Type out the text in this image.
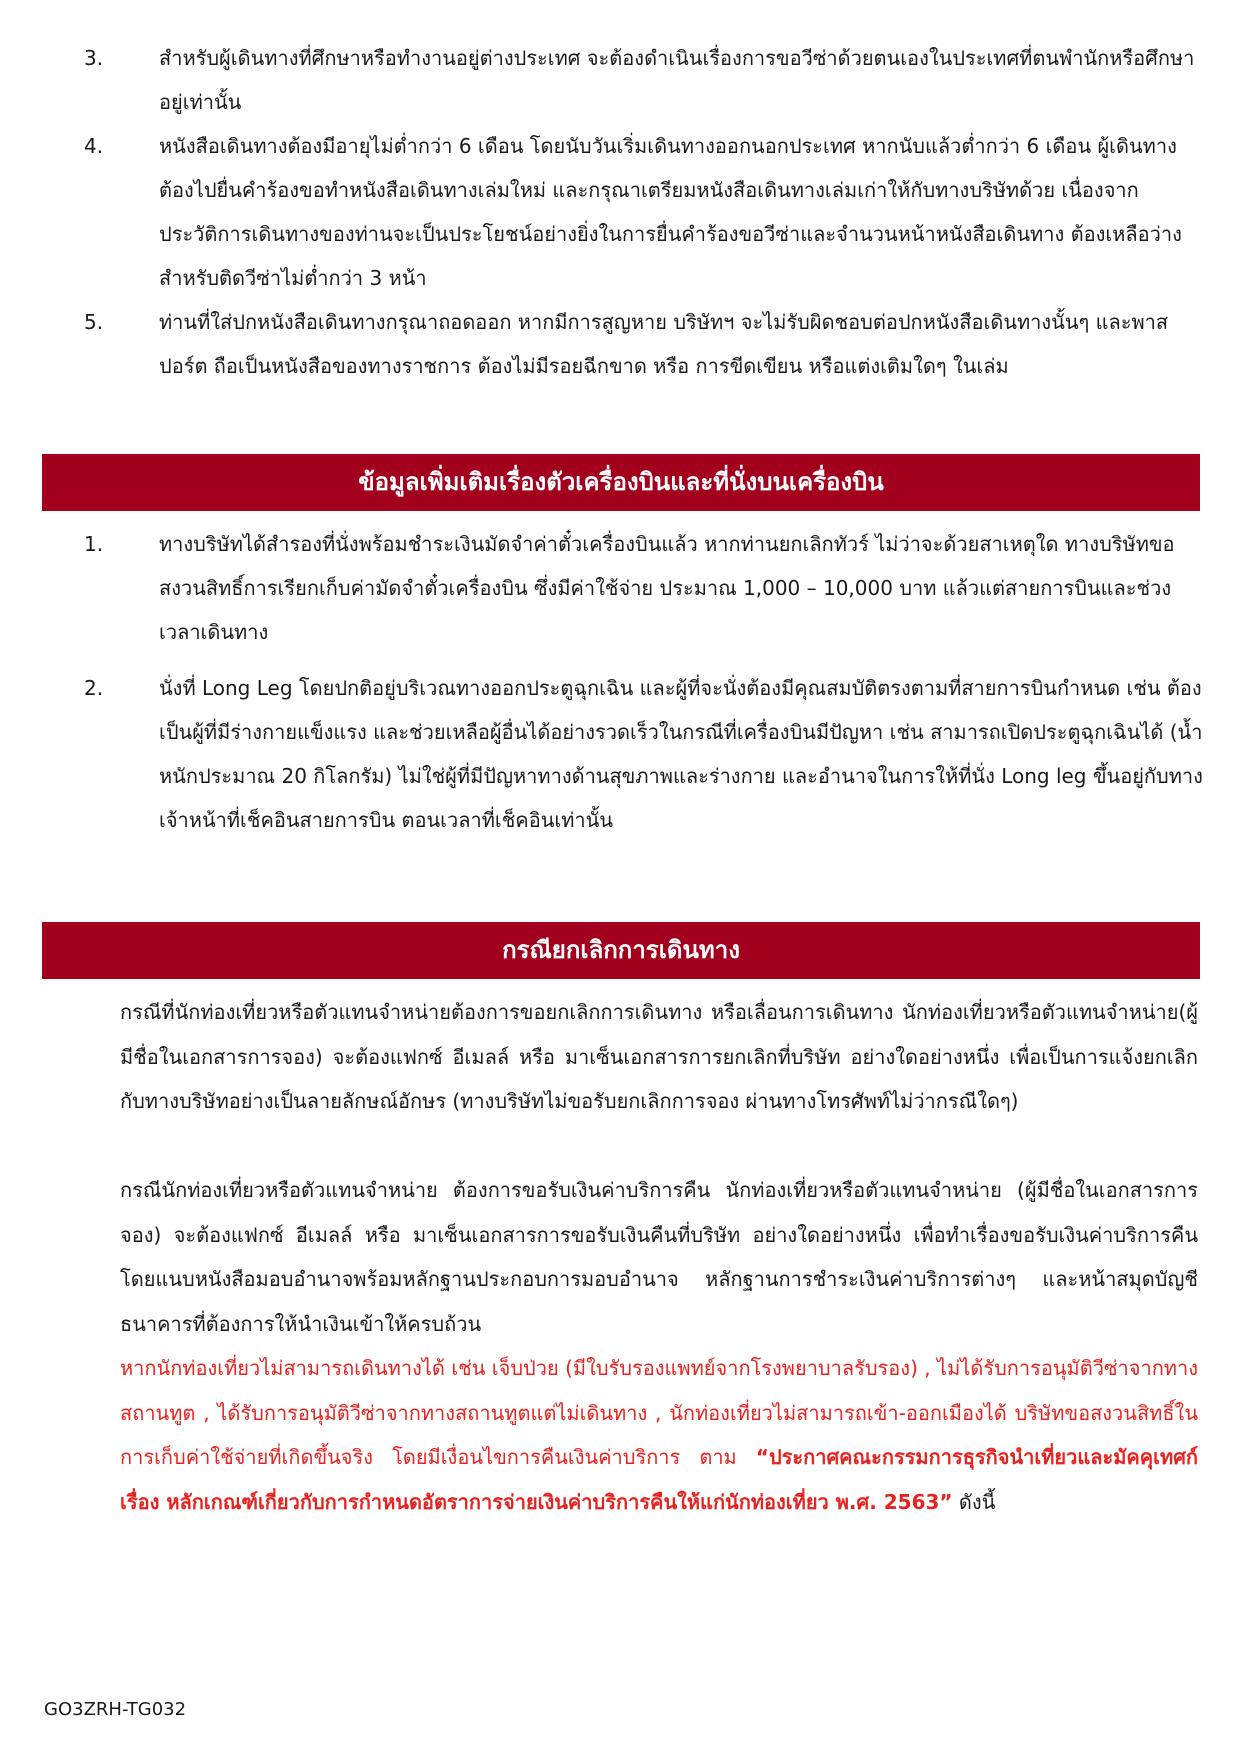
3.	สำหรับผู้เดินทางที่ศึกษาหรือทำงานอยู่ต่างประเทศ จะต้องดำเนินเรื่องการขอวีซ่าด้วยตนเองในประเทศที่ตนพำนักหรือศึกษาอยู่เท่านั้น
4.	หนังสือเดินทางต้องมีอายุไม่ต่ำกว่า 6 เดือน โดยนับวันเริ่มเดินทางออกนอกประเทศ หากนับแล้วต่ำกว่า 6 เดือน ผู้เดินทางต้องไปยื่นคำร้องขอทำหนังสือเดินทางเล่มใหม่ และกรุณาเตรียมหนังสือเดินทางเล่มเก่าให้กับทางบริษัทด้วย เนื่องจากประวัติการเดินทางของท่านจะเป็นประโยชน์อย่างยิ่งในการยื่นคำร้องขอวีซ่าและจำนวนหน้าหนังสือเดินทาง ต้องเหลือว่างสำหรับติดวีซ่าไม่ต่ำกว่า 3 หน้า
5.	ท่านที่ใส่ปกหนังสือเดินทางกรุณาถอดออก หากมีการสูญหาย บริษัทฯ จะไม่รับผิดชอบต่อปกหนังสือเดินทางนั้นๆ และพาสปอร์ต ถือเป็นหนังสือของทางราชการ ต้องไม่มีรอยฉีกขาด หรือ การขีดเขียน หรือแต่งเติมใดๆ ในเล่ม
ข้อมูลเพิ่มเติมเรื่องตัวเครื่องบินและที่นั่งบนเครื่องบิน
1.	ทางบริษัทได้สำรองที่นั่งพร้อมชำระเงินมัดจำค่าตั๋วเครื่องบินแล้ว หากท่านยกเลิกทัวร์ ไม่ว่าจะด้วยสาเหตุใด ทางบริษัทขอสงวนสิทธิ์การเรียกเก็บค่ามัดจำตั๋วเครื่องบิน ซึ่งมีค่าใช้จ่าย ประมาณ 1,000 – 10,000 บาท แล้วแต่สายการบินและช่วงเวลาเดินทาง
2.	นั่งที่ Long Leg โดยปกติอยู่บริเวณทางออกประตูฉุกเฉิน และผู้ที่จะนั่งต้องมีคุณสมบัติตรงตามที่สายการบินกำหนด เช่น ต้องเป็นผู้ที่มีร่างกายแข็งแรง และช่วยเหลือผู้อื่นได้อย่างรวดเร็วในกรณีที่เครื่องบินมีปัญหา เช่น สามารถเปิดประตูฉุกเฉินได้ (น้ำหนักประมาณ 20 กิโลกรัม) ไม่ใช่ผู้ที่มีปัญหาทางด้านสุขภาพและร่างกาย และอำนาจในการให้ที่นั่ง Long leg ขึ้นอยู่กับทางเจ้าหน้าที่เช็คอินสายการบิน ตอนเวลาที่เช็คอินเท่านั้น
กรณียกเลิกการเดินทาง
กรณีที่นักท่องเที่ยวหรือตัวแทนจำหน่ายต้องการขอยกเลิกการเดินทาง หรือเลื่อนการเดินทาง นักท่องเที่ยวหรือตัวแทนจำหน่าย(ผู้มีชื่อในเอกสารการจอง) จะต้องแฟกซ์ อีเมลล์ หรือ มาเซ็นเอกสารการยกเลิกที่บริษัท อย่างใดอย่างหนึ่ง เพื่อเป็นการแจ้งยกเลิกกับทางบริษัทอย่างเป็นลายลักษณ์อักษร (ทางบริษัทไม่ขอรับยกเลิกการจอง ผ่านทางโทรศัพท์ไม่ว่ากรณีใดๆ)
กรณีนักท่องเที่ยวหรือตัวแทนจำหน่าย ต้องการขอรับเงินค่าบริการคืน นักท่องเที่ยวหรือตัวแทนจำหน่าย (ผู้มีชื่อในเอกสารการจอง) จะต้องแฟกซ์ อีเมลล์ หรือ มาเซ็นเอกสารการขอรับเงินคืนที่บริษัท อย่างใดอย่างหนึ่ง เพื่อทำเรื่องขอรับเงินค่าบริการคืน โดยแนบหนังสือมอบอำนาจพร้อมหลักฐานประกอบการมอบอำนาจ หลักฐานการชำระเงินค่าบริการต่างๆ และหน้าสมุดบัญชีธนาคารที่ต้องการให้นำเงินเข้าให้ครบถ้วน
หากนักท่องเที่ยวไม่สามารถเดินทางได้ เช่น เจ็บป่วย (มีใบรับรองแพทย์จากโรงพยาบาลรับรอง) , ไม่ได้รับการอนุมัติวีซ่าจากทางสถานทูต , ได้รับการอนุมัติวีซ่าจากทางสถานทูตแต่ไม่เดินทาง , นักท่องเที่ยวไม่สามารถเข้า-ออกเมืองได้ บริษัทขอสงวนสิทธิ์ในการเก็บค่าใช้จ่ายที่เกิดขึ้นจริง โดยมีเงื่อนไขการคืนเงินค่าบริการ ตาม “ประกาศคณะกรรมการธุรกิจนำเที่ยวและมัคคุเทศก์ เรื่อง หลักเกณฑ์เกี่ยวกับการกำหนดอัตราการจ่ายเงินค่าบริการคืนให้แก่นักท่องเที่ยว พ.ศ. 2563” ดังนี้
GO3ZRH-TG032
